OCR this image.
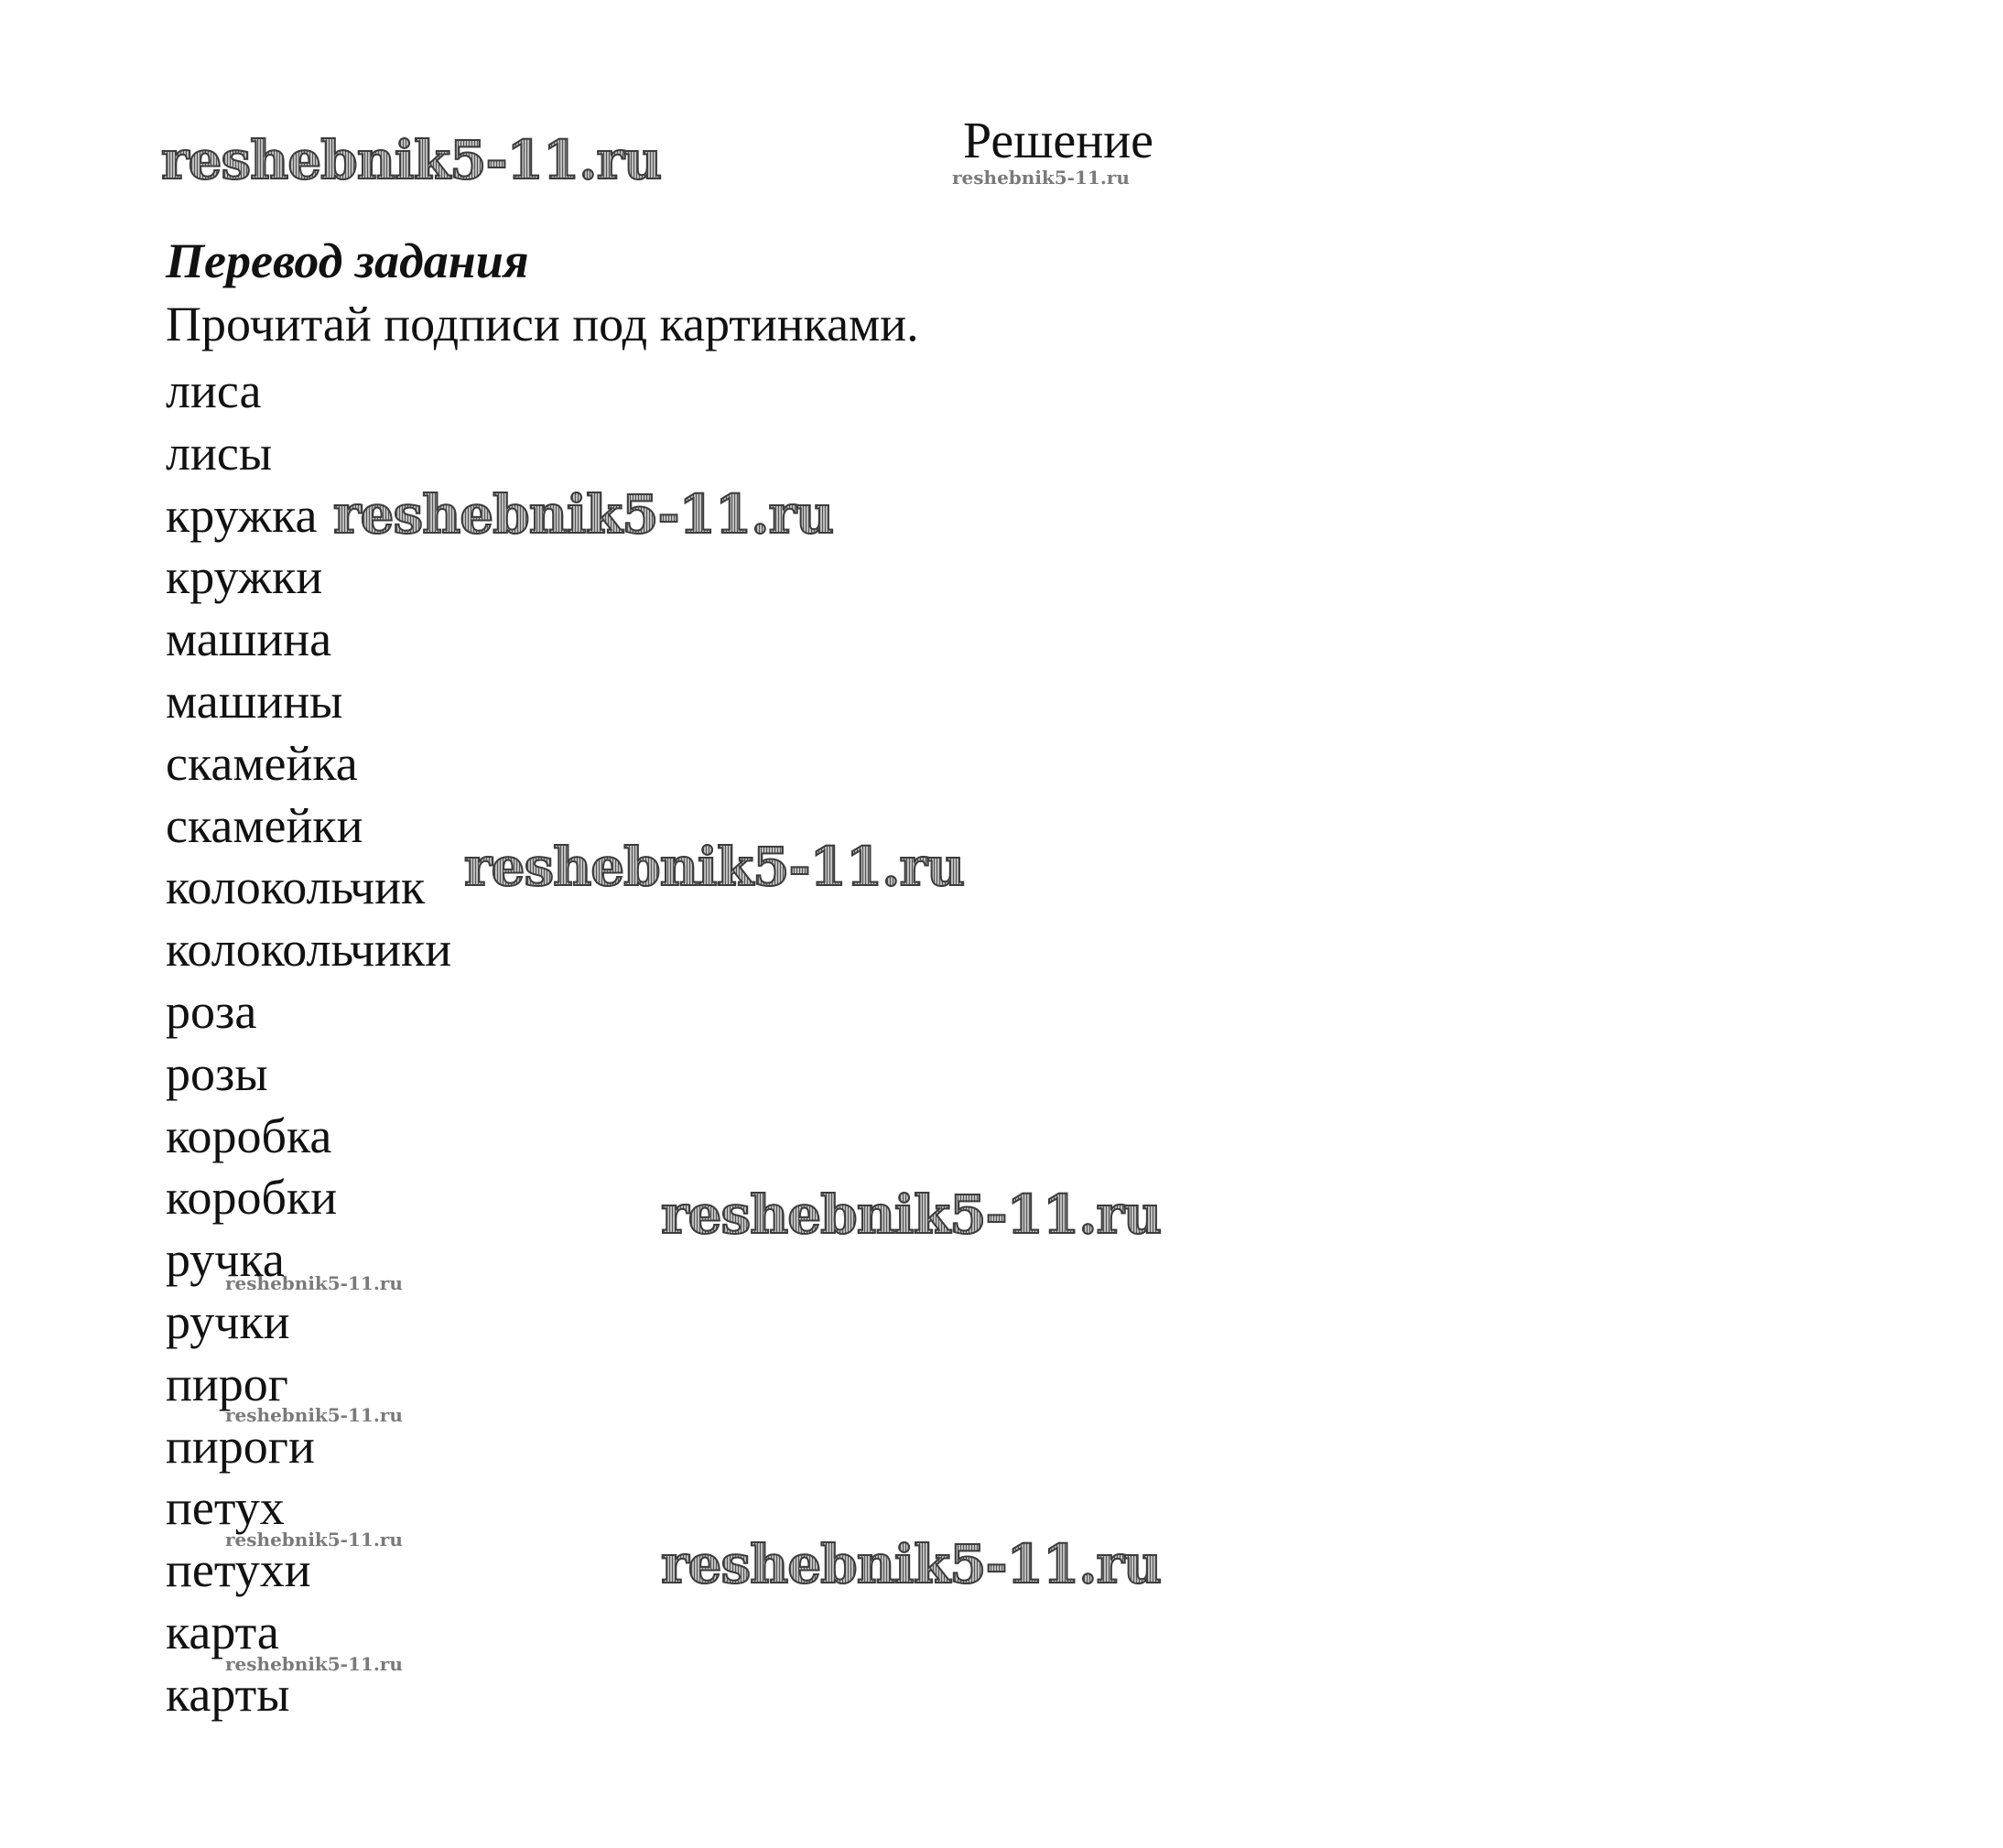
reshebnik5-11.ru	Решение
reshebnik5-11.ru
Перевод задания
Прочитай подписи под картинками.
лиса
лисы
кружка
кружки
машина
машины
скамейка
скамейки
колокольчик
колокольчики
роза
розы
коробка
коробки
ручка
ручки
пирог
пироги
петух
петухи
карта
карты
reshebnik5-11.ru
reshebnik5-11.ru
reshebnik5-11.ru
reshebnik5-11.ru
reshebnik5-11.ru
reshebnik5-11.ru
reshebnik5-11.ru
reshebnik5-11.ru
